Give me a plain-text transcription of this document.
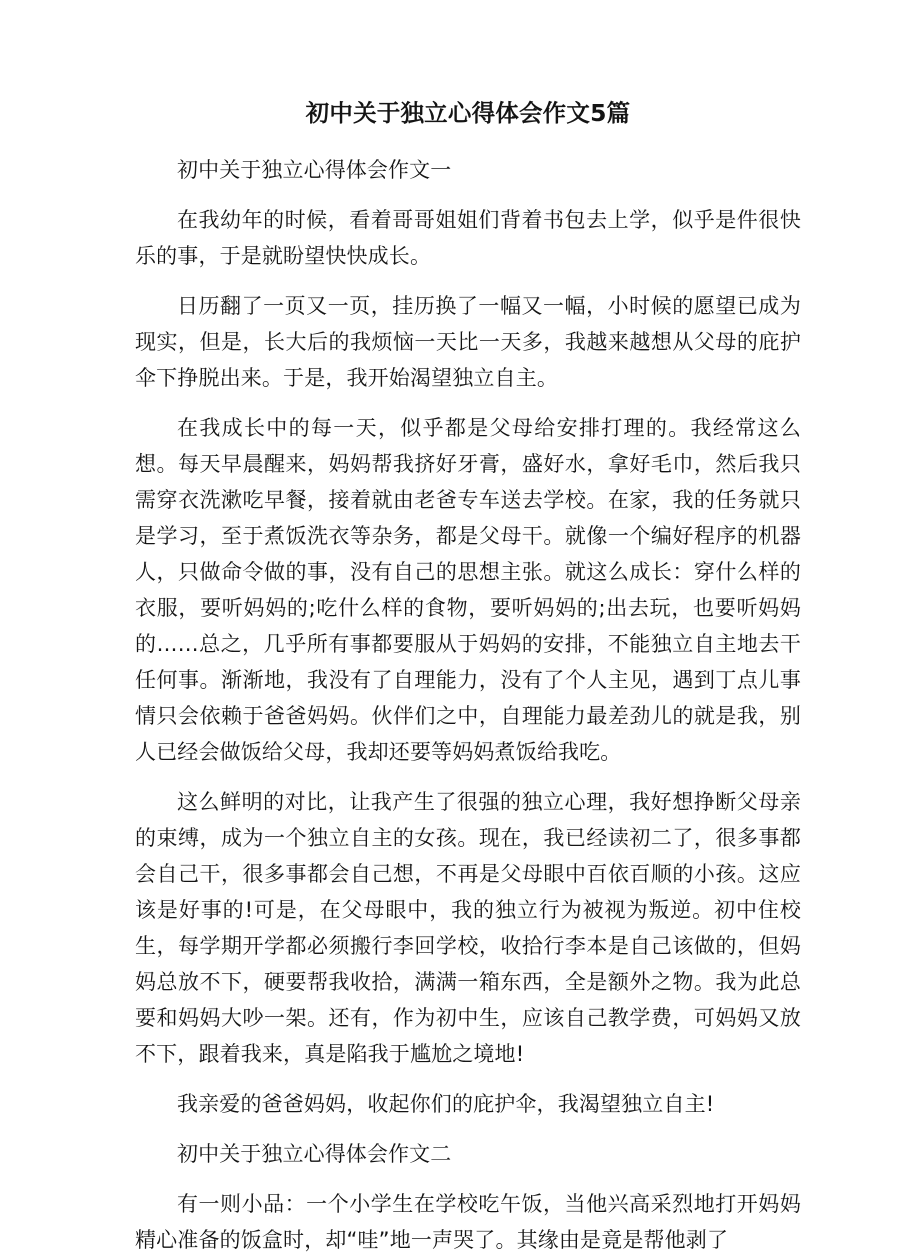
初中关于独立心得体会作文5篇

初中关于独立心得体会作文一

在我幼年的时候，看着哥哥姐姐们背着书包去上学，似乎是件很快乐的事，于是就盼望快快成长。

日历翻了一页又一页，挂历换了一幅又一幅，小时候的愿望已成为现实，但是，长大后的我烦恼一天比一天多，我越来越想从父母的庇护伞下挣脱出来。于是，我开始渴望独立自主。

在我成长中的每一天，似乎都是父母给安排打理的。我经常这么想。每天早晨醒来，妈妈帮我挤好牙膏，盛好水，拿好毛巾，然后我只需穿衣洗漱吃早餐，接着就由老爸专车送去学校。在家，我的任务就只是学习，至于煮饭洗衣等杂务，都是父母干。就像一个编好程序的机器人，只做命令做的事，没有自己的思想主张。就这么成长：穿什么样的衣服，要听妈妈的;吃什么样的食物，要听妈妈的;出去玩，也要听妈妈的……总之，几乎所有事都要服从于妈妈的安排，不能独立自主地去干任何事。渐渐地，我没有了自理能力，没有了个人主见，遇到丁点儿事情只会依赖于爸爸妈妈。伙伴们之中，自理能力最差劲儿的就是我，别人已经会做饭给父母，我却还要等妈妈煮饭给我吃。

这么鲜明的对比，让我产生了很强的独立心理，我好想挣断父母亲的束缚，成为一个独立自主的女孩。现在，我已经读初二了，很多事都会自己干，很多事都会自己想，不再是父母眼中百依百顺的小孩。这应该是好事的!可是，在父母眼中，我的独立行为被视为叛逆。初中住校生，每学期开学都必须搬行李回学校，收拾行李本是自己该做的，但妈妈总放不下，硬要帮我收拾，满满一箱东西，全是额外之物。我为此总要和妈妈大吵一架。还有，作为初中生，应该自己教学费，可妈妈又放不下，跟着我来，真是陷我于尴尬之境地!

我亲爱的爸爸妈妈，收起你们的庇护伞，我渴望独立自主!

初中关于独立心得体会作文二

有一则小品：一个小学生在学校吃午饭，当他兴高采烈地打开妈妈精心准备的饭盒时，却“哇”地一声哭了。其缘由是竟是帮他剥了
